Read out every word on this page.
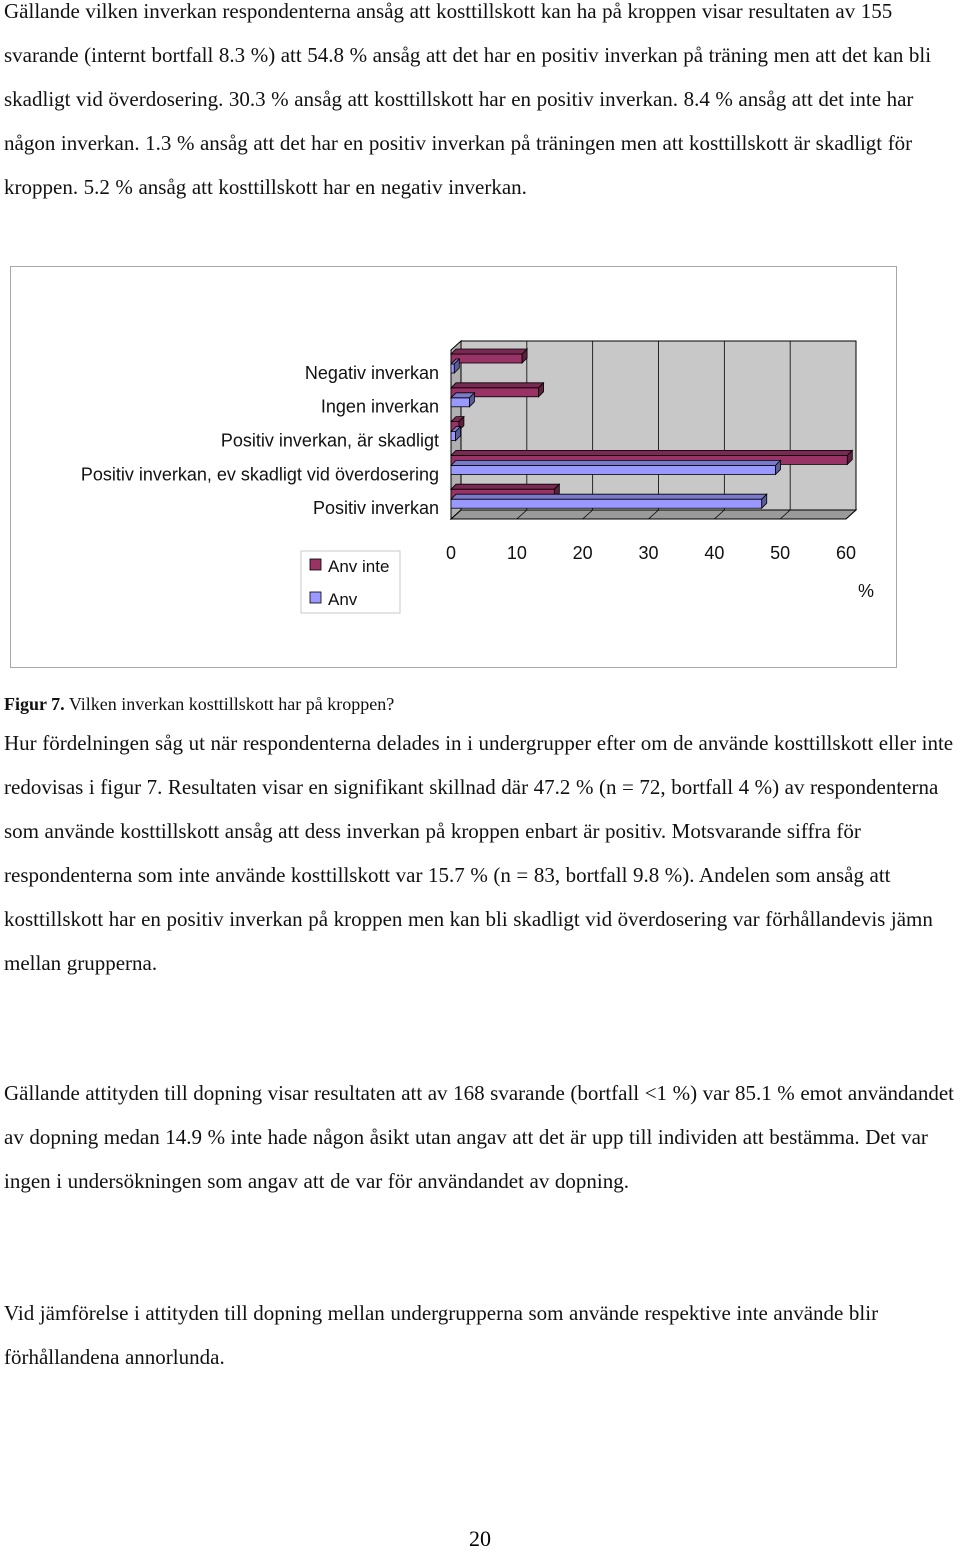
Gällande vilken inverkan respondenterna ansåg att kosttillskott kan ha på kroppen visar resultaten av 155 svarande (internt bortfall 8.3 %) att 54.8 % ansåg att det har en positiv inverkan på träning men att det kan bli skadligt vid överdosering. 30.3 % ansåg att kosttillskott har en positiv inverkan. 8.4 % ansåg att det inte har någon inverkan. 1.3 % ansåg att det har en positiv inverkan på träningen men att kosttillskott är skadligt för kroppen. 5.2 % ansåg att kosttillskott har en negativ inverkan.

Negativ inverkan
Ingen inverkan
Positiv inverkan, är skadligt
Positiv inverkan, ev skadligt vid överdosering
Positiv inverkan
0	10	20	30	40	50	60
%
Anv inte
Anv
Figur 7. Vilken inverkan kosttillskott har på kroppen?

Hur fördelningen såg ut när respondenterna delades in i undergrupper efter om de använde kosttillskott eller inte redovisas i figur 7. Resultaten visar en signifikant skillnad där 47.2 % (n = 72, bortfall 4 %) av respondenterna som använde kosttillskott ansåg att dess inverkan på kroppen enbart är positiv. Motsvarande siffra för respondenterna som inte använde kosttillskott var 15.7 % (n = 83, bortfall 9.8 %). Andelen som ansåg att kosttillskott har en positiv inverkan på kroppen men kan bli skadligt vid överdosering var förhållandevis jämn mellan grupperna.

Gällande attityden till dopning visar resultaten att av 168 svarande (bortfall <1 %) var 85.1 % emot användandet av dopning medan 14.9 % inte hade någon åsikt utan angav att det är upp till individen att bestämma. Det var ingen i undersökningen som angav att de var för användandet av dopning.

Vid jämförelse i attityden till dopning mellan undergrupperna som använde respektive inte använde blir förhållandena annorlunda.

20
